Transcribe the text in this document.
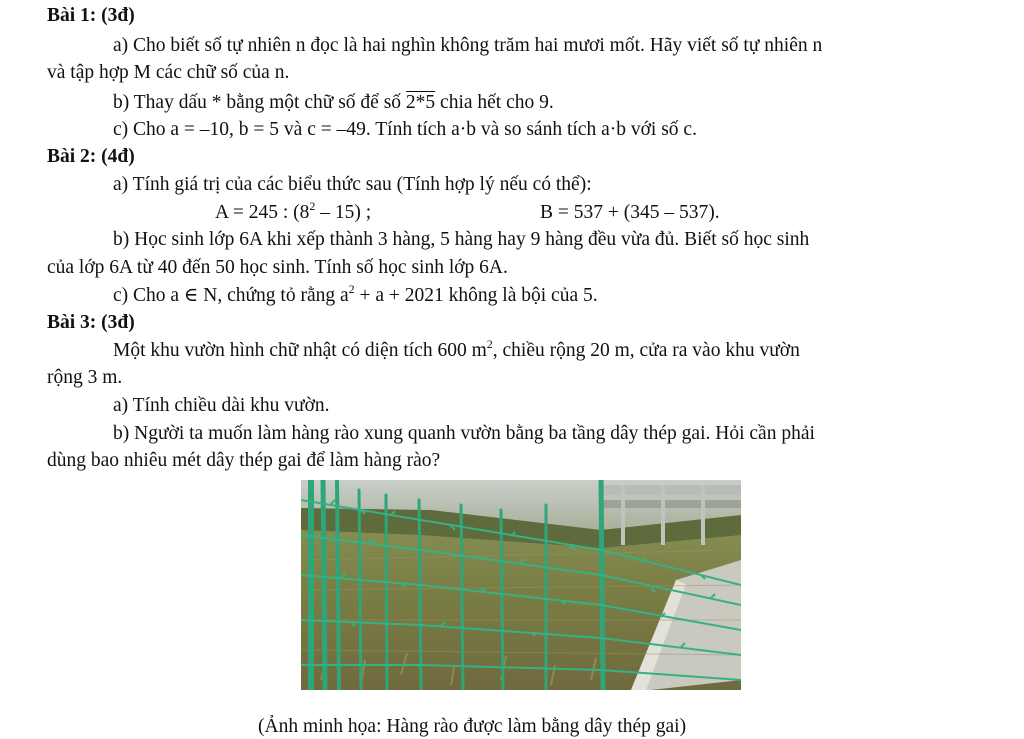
Bài 1: (3đ)
a) Cho biết số tự nhiên n đọc là hai nghìn không trăm hai mươi mốt. Hãy viết số tự nhiên n
và tập hợp M các chữ số của n.
b) Thay dấu * bằng một chữ số để số 2*5 chia hết cho 9.
c) Cho a = –10, b = 5 và c = –49. Tính tích a·b và so sánh tích a·b với số c.
Bài 2: (4đ)
a) Tính giá trị của các biểu thức sau (Tính hợp lý nếu có thể):
A = 245 : $(8^2 - 15)$ ;	B = 537 + (345 – 537).
b) Học sinh lớp 6A khi xếp thành 3 hàng, 5 hàng hay 9 hàng đều vừa đủ. Biết số học sinh
của lớp 6A từ 40 đến 50 học sinh. Tính số học sinh lớp 6A.
c) Cho a ∈ N, chứng tỏ rằng $a^2 + a + 2021$ không là bội của 5.
Bài 3: (3đ)
Một khu vườn hình chữ nhật có diện tích 600 $m^2$, chiều rộng 20 m, cửa ra vào khu vườn
rộng 3 m.
a) Tính chiều dài khu vườn.
b) Người ta muốn làm hàng rào xung quanh vườn bằng ba tầng dây thép gai. Hỏi cần phải
dùng bao nhiêu mét dây thép gai để làm hàng rào?
(Ảnh minh họa: Hàng rào được làm bằng dây thép gai)
